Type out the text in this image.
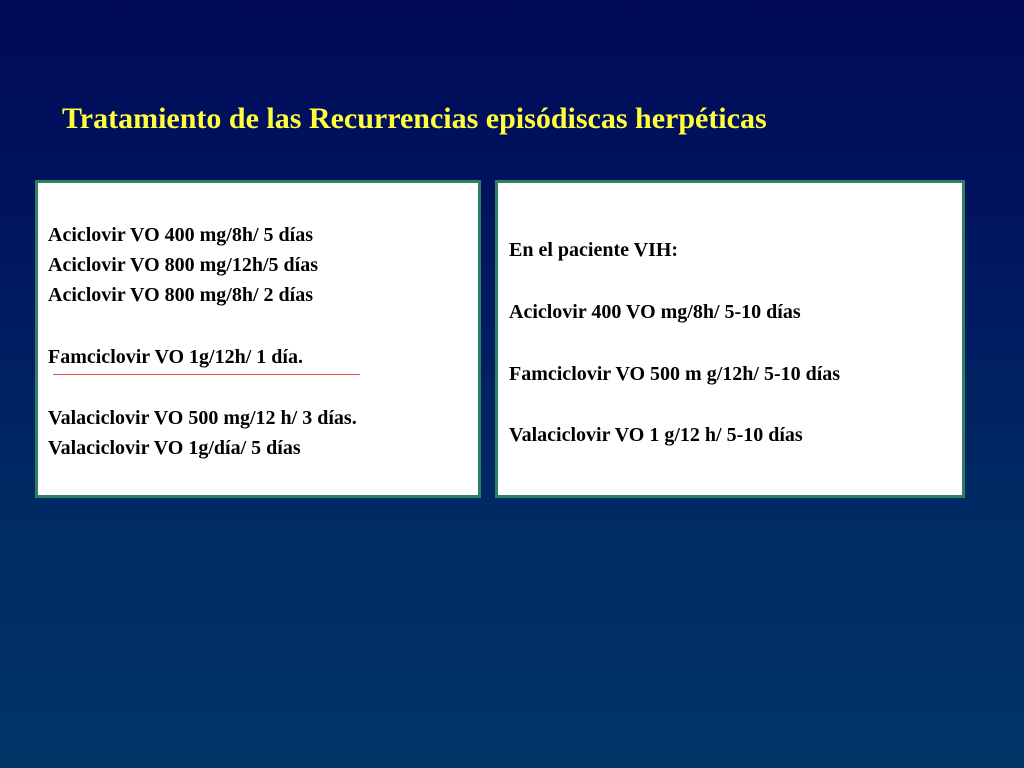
Tratamiento de las Recurrencias episódiscas herpéticas
Aciclovir VO 400 mg/8h/ 5 días
Aciclovir VO 800 mg/12h/5 días
Aciclovir VO 800 mg/8h/ 2 días
Famciclovir VO 1g/12h/ 1 día.
Valaciclovir VO 500 mg/12 h/ 3 días.
Valaciclovir VO 1g/día/ 5 días
En el paciente VIH:
Aciclovir 400 VO mg/8h/ 5-10 días
Famciclovir VO 500 m g/12h/ 5-10 días
Valaciclovir VO 1 g/12 h/ 5-10 días
